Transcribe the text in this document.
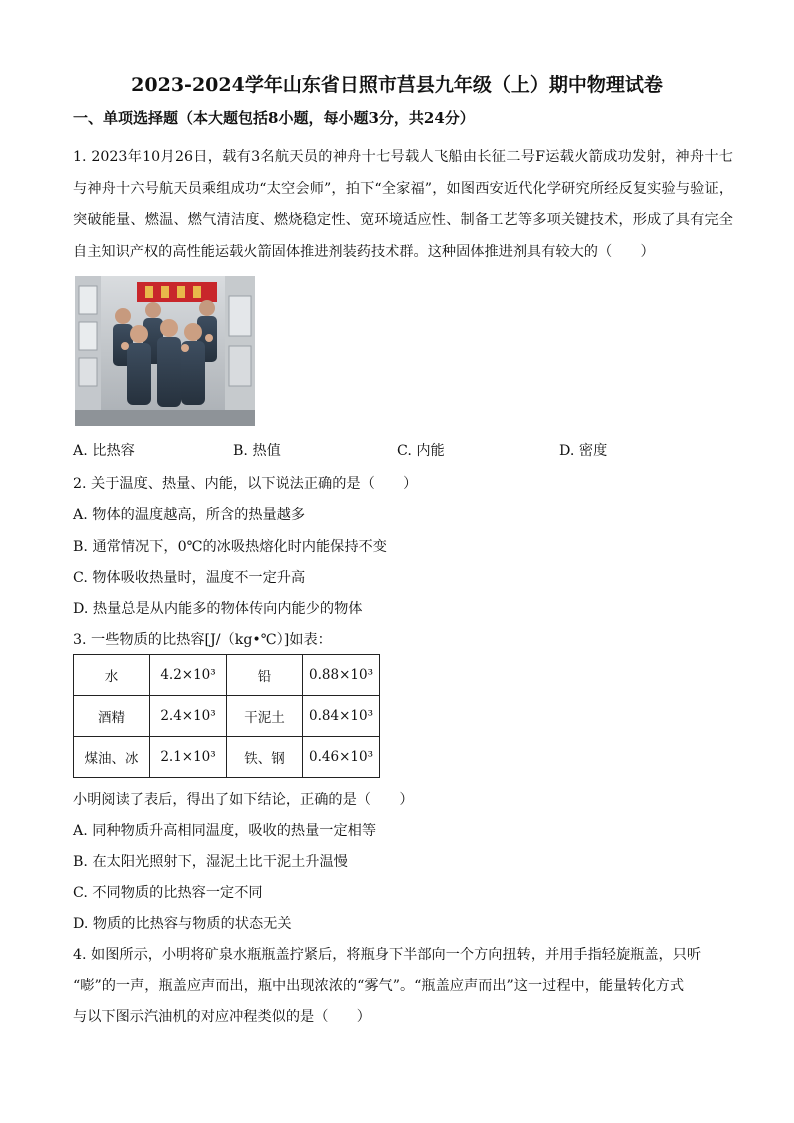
2023-2024学年山东省日照市莒县九年级（上）期中物理试卷
一、单项选择题（本大题包括8小题，每小题3分，共24分）
1. 2023年10月26日，载有3名航天员的神舟十七号载人飞船由长征二号F运载火箭成功发射，神舟十七与神舟十六号航天员乘组成功“太空会师”，拍下“全家福”，如图西安近代化学研究所经反复实验与验证，突破能量、燃温、燃气清洁度、燃烧稳定性、宽环境适应性、制备工艺等多项关键技术，形成了具有完全自主知识产权的高性能运载火箭固体推进剂装药技术群。这种固体推进剂具有较大的（　　）
A. 比热容	B. 热值	C. 内能	D. 密度
2. 关于温度、热量、内能，以下说法正确的是（　　）
A. 物体的温度越高，所含的热量越多
B. 通常情况下，0℃的冰吸热熔化时内能保持不变
C. 物体吸收热量时，温度不一定升高
D. 热量总是从内能多的物体传向内能少的物体
3. 一些物质的比热容[J/（kg•℃）]如表：
水	4.2×10³	铅	0.88×10³
酒精	2.4×10³	干泥土	0.84×10³
煤油、冰	2.1×10³	铁、钢	0.46×10³
小明阅读了表后，得出了如下结论，正确的是（　　）
A. 同种物质升高相同温度，吸收的热量一定相等
B. 在太阳光照射下，湿泥土比干泥土升温慢
C. 不同物质的比热容一定不同
D. 物质的比热容与物质的状态无关
4. 如图所示，小明将矿泉水瓶瓶盖拧紧后，将瓶身下半部向一个方向扭转，并用手指轻旋瓶盖，只听
“嘭”的一声，瓶盖应声而出，瓶中出现浓浓的“雾气”。“瓶盖应声而出”这一过程中，能量转化方式
与以下图示汽油机的对应冲程类似的是（　　）
